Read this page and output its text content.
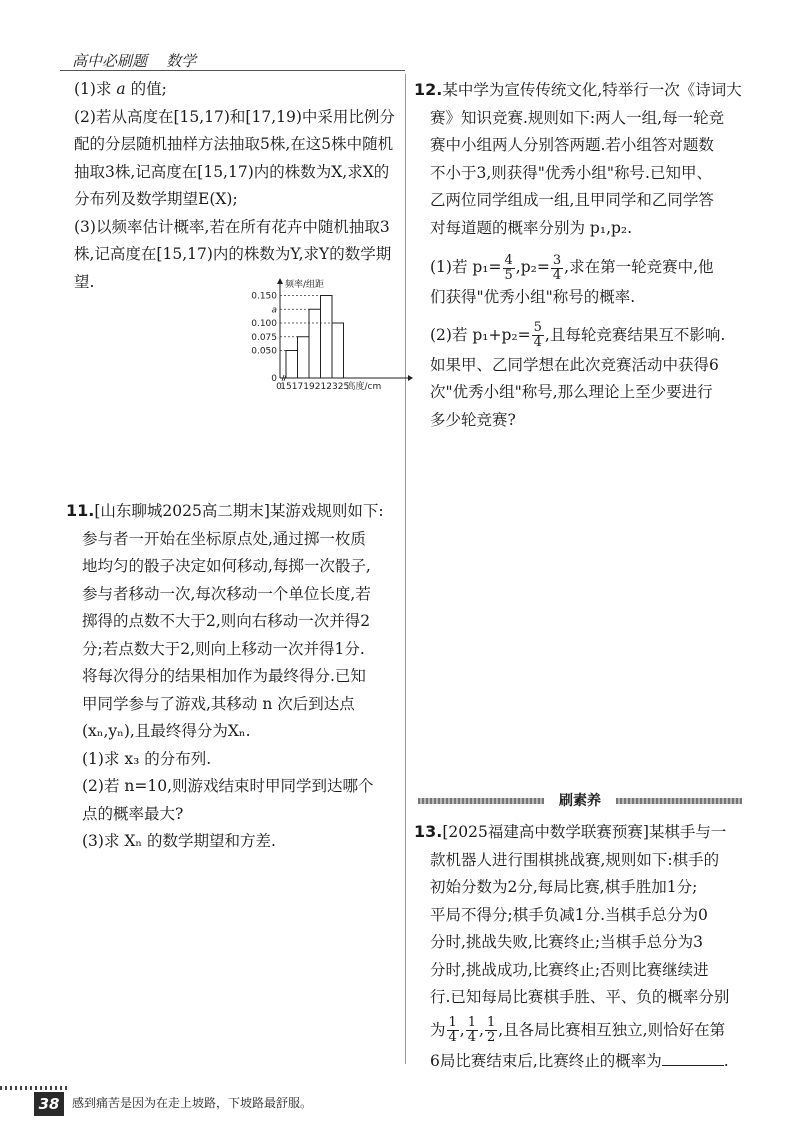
高中必刷题 数学

(1)求 a 的值;

(2)若从高度在[15,17)和[17,19)中采用比例分配的分层随机抽样方法抽取5株,在这5株中随机抽取3株,记高度在[15,17)内的株数为X,求X的分布列及数学期望E(X);

(3)以频率估计概率,若在所有花卉中随机抽取3株,记高度在[15,17)内的株数为Y,求Y的数学期望.

0.150
a
0.100
0.075
0.050
0
频率/组距
0
15 17 19 21 23 25
高度/cm

11.[山东聊城2025高二期末]某游戏规则如下:

参与者一开始在坐标原点处,通过掷一枚质

地均匀的骰子决定如何移动,每掷一次骰子,

参与者移动一次,每次移动一个单位长度,若

掷得的点数不大于2,则向右移动一次并得2

分;若点数大于2,则向上移动一次并得1分.

将每次得分的结果相加作为最终得分.已知

甲同学参与了游戏,其移动 n 次后到达点

(xₙ,yₙ),且最终得分为Xₙ.

(1)求 x₃ 的分布列.

(2)若 n=10,则游戏结束时甲同学到达哪个

点的概率最大?

(3)求 Xₙ 的数学期望和方差.

12.某中学为宣传传统文化,特举行一次《诗词大

赛》知识竞赛.规则如下:两人一组,每一轮竞

赛中小组两人分别答两题.若小组答对题数

不小于3,则获得"优秀小组"称号.已知甲、

乙两位同学组成一组,且甲同学和乙同学答

对每道题的概率分别为 p₁,p₂.

(1)若 $p_1= \frac{4}{5} ,p_2= \frac{3}{4}$ ,求在第一轮竞赛中,他

们获得"优秀小组"称号的概率.

(2)若 $p_1+p_2= \frac{5}{4}$ ,且每轮竞赛结果互不影响.

如果甲、乙同学想在此次竞赛活动中获得6

次"优秀小组"称号,那么理论上至少要进行

多少轮竞赛?

刷素养

13.[2025福建高中数学联赛预赛]某棋手与一

款机器人进行围棋挑战赛,规则如下:棋手的

初始分数为2分,每局比赛,棋手胜加1分;

平局不得分;棋手负减1分.当棋手总分为0

分时,挑战失败,比赛终止;当棋手总分为3

分时,挑战成功,比赛终止;否则比赛继续进

行.已知每局比赛棋手胜、平、负的概率分别

为 $\frac{1}{4}$ , $\frac{1}{4}$ , $\frac{1}{2}$ ,且各局比赛相互独立,则恰好在第

6局比赛结束后,比赛终止的概率为	.

38	感到痛苦是因为在走上坡路，下坡路最舒服。
